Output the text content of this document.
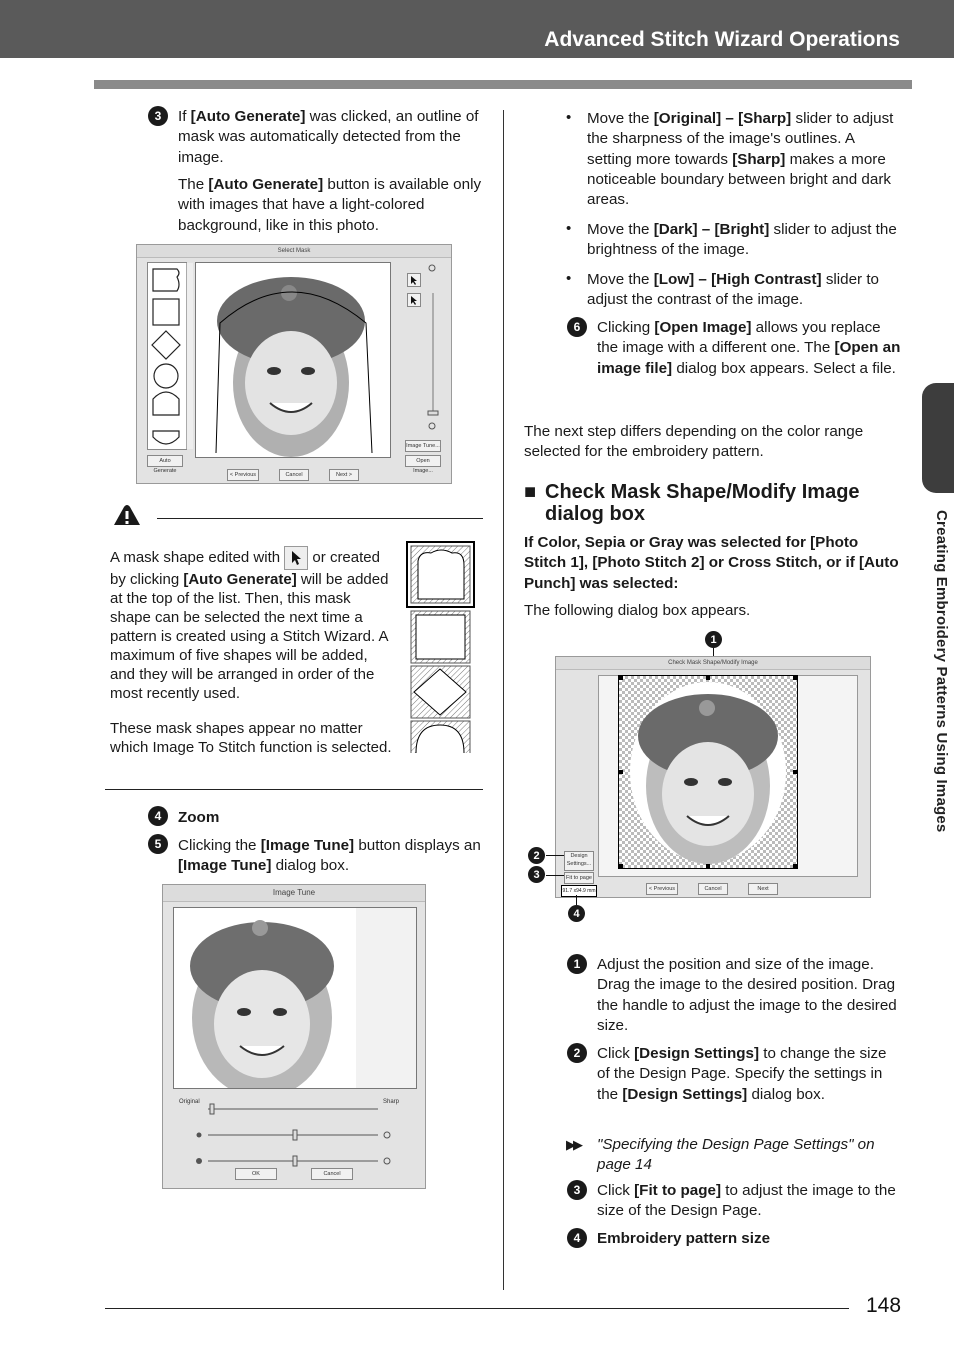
Advanced Stitch Wizard Operations
Creating Embroidery Patterns Using Images
3	If [Auto Generate] was clicked, an outline of mask was automatically detected from the image.

The [Auto Generate] button is available only with images that have a light-colored background, like in this photo.

Select Mask
Auto Generate
Image Tune...
Open Image...
< Previous	Cancel	Next >

A mask shape edited with  or created by clicking [Auto Generate] will be added at the top of the list. Then, this mask shape can be selected the next time a pattern is created using a Stitch Wizard. A maximum of five shapes will be added, and they will be arranged in order of the most recently used.

These mask shapes appear no matter which Image To Stitch function is selected.

4	Zoom

5	Clicking the [Image Tune] button displays an [Image Tune] dialog box.

Image Tune
Original	Sharp
OK	Cancel
• Move the [Original] – [Sharp] slider to adjust the sharpness of the image's outlines. A setting more towards [Sharp] makes a more noticeable boundary between bright and dark areas.

• Move the [Dark] – [Bright] slider to adjust the brightness of the image.

• Move the [Low] – [High Contrast] slider to adjust the contrast of the image.

6	Clicking [Open Image] allows you replace the image with a different one. The [Open an image file] dialog box appears. Select a file.

The next step differs depending on the color range selected for the embroidery pattern.

■ Check Mask Shape/Modify Image dialog box

If Color, Sepia or Gray was selected for [Photo Stitch 1], [Photo Stitch 2] or Cross Stitch, or if [Auto Punch] was selected:

The following dialog box appears.

1
Check Mask Shape/Modify Image
Design Settings...
Fit to page
91.7 x94.9 mm	< Previous	Cancel	Next
2
3
4
1	Adjust the position and size of the image. Drag the image to the desired position. Drag the handle to adjust the image to the desired size.

2	Click [Design Settings] to change the size of the Design Page. Specify the settings in the [Design Settings] dialog box.

▶▶ "Specifying the Design Page Settings" on page 14

3	Click [Fit to page] to adjust the image to the size of the Design Page.

4	Embroidery pattern size

148
